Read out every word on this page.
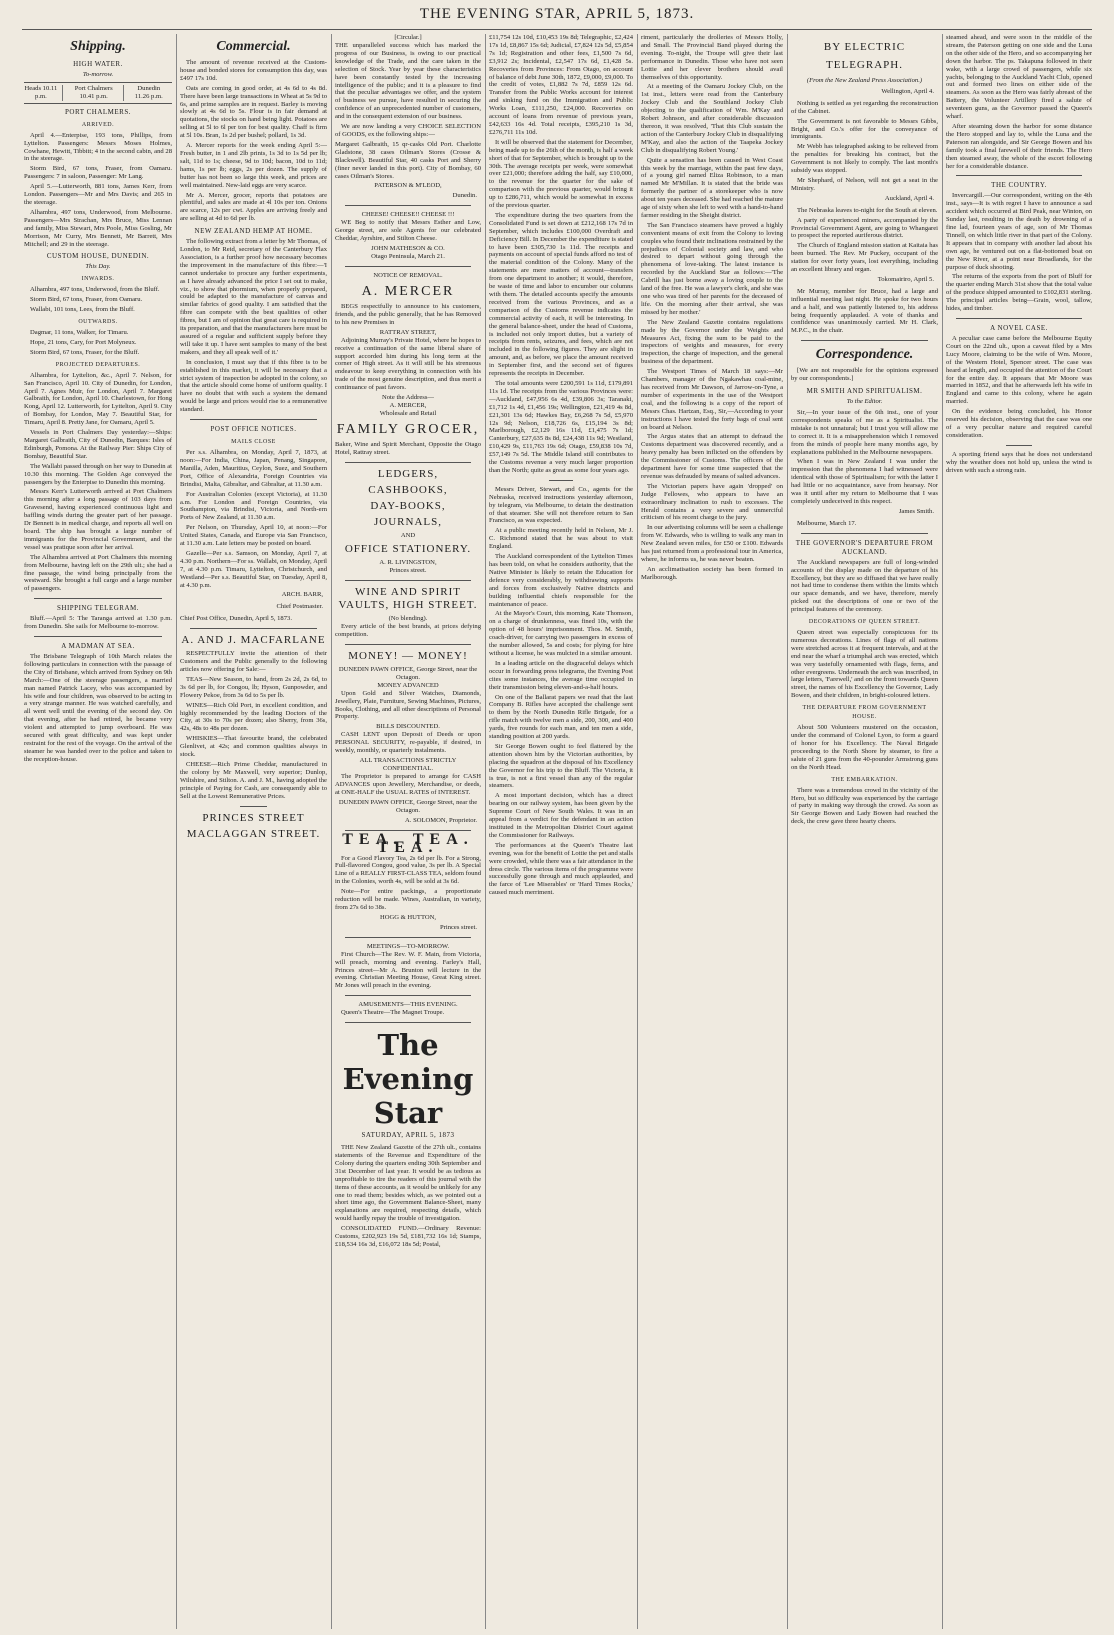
THE EVENING STAR, APRIL 5, 1873.
Shipping.
HIGH WATER.
To-morrow.
Heads 10.11 p.m.
Port Chalmers 10.41 p.m.
Dunedin 11.26 p.m.
PORT CHALMERS.
ARRIVED.

April 4.—Enterpise, 193 tons, Phillips, from Lyttelton. Passengers: Messrs Moses Holmes, Cowhane, Hewitt, Tibbitt; 4 in the second cabin, and 28 in the steerage.

Storm Bird, 67 tons, Fraser, from Oamaru. Passengers: 7 in saloon, Passenger: Mr Lang.

April 5.—Lutterworth, 881 tons, James Kerr, from London. Passengers—Mr and Mrs Davis; and 265 in the steerage.

Alhambra, 497 tons, Underwood, from Melbourne. Passengers—Mrs Strachan, Mrs Bruce, Miss Lennan and family, Miss Stewart, Mrs Poole, Miss Gosling, Mr Morrison, Mr Curry, Mrs Bennett, Mr Barrett, Mrs Mitchell; and 29 in the steerage.

CUSTOM HOUSE, DUNEDIN.
This Day.
INWARDS.

Alhambra, 497 tons, Underwood, from the Bluff.

Storm Bird, 67 tons, Fraser, from Oamaru.

Wallabi, 101 tons, Lees, from the Bluff.

OUTWARDS.

Dagmar, 11 tons, Walker, for Timaru.

Hope, 21 tons, Cary, for Port Molyneux.

Storm Bird, 67 tons, Fraser, for the Bluff.

PROJECTED DEPARTURES.

Alhambra, for Lyttelton, &c., April 7. Nelson, for San Francisco, April 10. City of Dunedin, for London, April 7. Agnes Muir, for London, April 7. Margaret Galbraith, for London, April 10. Charlestown, for Hong Kong, April 12. Lutterworth, for Lyttelton, April 9. City of Bombay, for London, May 7. Beautiful Star, for Timaru, April 8. Pretty Jane, for Oamaru, April 5.

Vessels in Port Chalmers Day yesterday:—Ships: Margaret Galbraith, City of Dunedin, Barques: Isles of Edinburgh, Pomona. At the Railway Pier: Ships City of Bombay, Beautiful Star.

The Wallabi passed through on her way to Dunedin at 10.30 this morning. The Golden Age conveyed the passengers by the Enterpise to Dunedin this morning.

Messrs Kerr's Lutterworth arrived at Port Chalmers this morning after a long passage of 103 days from Gravesend, having experienced continuous light and baffling winds during the greater part of her passage. Dr Bennett is in medical charge, and reports all well on board. The ship has brought a large number of immigrants for the Provincial Government, and the vessel was pratique soon after her arrival.

The Alhambra arrived at Port Chalmers this morning from Melbourne, having left on the 29th ult.; she had a fine passage, the wind being principally from the westward. She brought a full cargo and a large number of passengers.

SHIPPING TELEGRAM.

Bluff.—April 5: The Taranga arrived at 1.30 p.m. from Dunedin. She sails for Melbourne to-morrow.

A MADMAN AT SEA.

The Brisbane Telegraph of 10th March relates the following particulars in connection with the passage of the City of Brisbane, which arrived from Sydney on 9th March:—One of the steerage passengers, a married man named Patrick Lacey, who was accompanied by his wife and four children, was observed to be acting in a very strange manner. He was watched carefully, and all went well until the evening of the second day. On that evening, after he had retired, he became very violent and attempted to jump overboard. He was secured with great difficulty, and was kept under restraint for the rest of the voyage. On the arrival of the steamer he was handed over to the police and taken to the reception-house.

Commercial.

The amount of revenue received at the Custom-house and bonded stores for consumption this day, was £497 17s 10d.

Oats are coming in good order, at 4s 6d to 4s 8d. There have been large transactions in Wheat at 5s 9d to 6s, and prime samples are in request. Barley is moving slowly at 4s 6d to 5s. Flour is in fair demand at quotations, the stocks on hand being light. Potatoes are selling at 5l to 6l per ton for best quality. Chaff is firm at 5l 10s. Bran, 1s 2d per bushel; pollard, 1s 3d.

A. Mercer reports for the week ending April 5:—Fresh butter, in 1 and 2lb prints, 1s 3d to 1s 5d per lb; salt, 11d to 1s; cheese, 9d to 10d; bacon, 10d to 11d; hams, 1s per lb; eggs, 2s per dozen. The supply of butter has not been so large this week, and prices are well maintained. New-laid eggs are very scarce.

Mr A. Mercer, grocer, reports that potatoes are plentiful, and sales are made at 4l 10s per ton. Onions are scarce, 12s per cwt. Apples are arriving freely and are selling at 4d to 6d per lb.

NEW ZEALAND HEMP AT HOME.

The following extract from a letter by Mr Thomas, of London, to Mr Reid, secretary of the Canterbury Flax Association, is a further proof how necessary becomes the improvement in the manufacture of this fibre:—'I cannot undertake to procure any further experiments, as I have already advanced the price I set out to make, viz., to show that phormium, when properly prepared, could be adapted to the manufacture of canvas and similar fabrics of good quality. I am satisfied that the fibre can compete with the best qualities of other fibres, but I am of opinion that great care is required in its preparation, and that the manufacturers here must be assured of a regular and sufficient supply before they will take it up. I have sent samples to many of the best makers, and they all speak well of it.'

In conclusion, I must say that if this fibre is to be established in this market, it will be necessary that a strict system of inspection be adopted in the colony, so that the article should come home of uniform quality. I have no doubt that with such a system the demand would be large and prices would rise to a remunerative standard.

POST OFFICE NOTICES.
MAILS CLOSE

Per s.s. Alhambra, on Monday, April 7, 1873, at noon:—For India, China, Japan, Penang, Singapore, Manilla, Aden, Mauritius, Ceylon, Suez, and Southern Port, Office of Alexandria, Foreign Countries via Brindisi, Malta, Gibraltar, and Gibraltar, at 11.30 a.m.

For Australian Colonies (except Victoria), at 11.30 a.m. For London and Foreign Countries, via Southampton, via Brindisi, Victoria, and North-ern Ports of New Zealand, at 11.30 a.m.

Per Nelson, on Thursday, April 10, at noon:—For United States, Canada, and Europe via San Francisco, at 11.30 a.m. Late letters may be posted on board.

Gazelle—Per s.s. Samson, on Monday, April 7, at 4.30 p.m. Northern—For ss. Wallabi, on Monday, April 7, at 4.30 p.m. Timaru, Lyttelton, Christchurch, and Westland—Per s.s. Beautiful Star, on Tuesday, April 8, at 4.30 p.m.

ARCH. BARR,
Chief Postmaster.

Chief Post Office, Dunedin, April 5, 1873.

A. AND J. MACFARLANE

RESPECTFULLY invite the attention of their Customers and the Public generally to the following articles now offering for Sale:—

TEAS—New Season, to hand, from 2s 2d, 2s 6d, to 3s 6d per lb, for Congou, lb; Hyson, Gunpowder, and Flowery Pekoe, from 3s 6d to 5s per lb.

WINES—Rich Old Port, in excellent condition, and highly recommended by the leading Doctors of the City, at 30s to 70s per dozen; also Sherry, from 36s, 42s, 48s to 48s per dozen.

WHISKIES—That favourite brand, the celebrated Glenlivet, at 42s; and common qualities always in stock.

CHEESE—Rich Prime Cheddar, manufactured in the colony by Mr Maxwell, very superior; Dunlop, Wiltshire, and Stilton. A. and J. M., having adopted the principle of Paying for Cash, are consequently able to Sell at the Lowest Remunerative Prices.

PRINCES STREET
MACLAGGAN STREET.
[Circular.]

THE unparalleled success which has marked the progress of our Business, is owing to our practical knowledge of the Trade, and the care taken in the selection of Stock. Year by year these characteristics have been constantly tested by the increasing intelligence of the public; and it is a pleasure to find that the peculiar advantages we offer, and the system of business we pursue, have resulted in securing the confidence of an unprecedented number of customers, and in the consequent extension of our business.

We are now landing a very CHOICE SELECTION of GOODS, ex the following ships:—

Margaret Galbraith, 15 qr-casks Old Port. Charlotte Gladstone, 38 cases Oilman's Stores (Crosse & Blackwell). Beautiful Star, 40 casks Port and Sherry (finer never landed in this port). City of Bombay, 60 cases Oilman's Stores.

PATERSON & M'LEOD,
Dunedin.
CHEESE! CHEESE!! CHEESE !!!

WE Beg to notify that Messrs Esther and Low, George street, are sole Agents for our celebrated Cheddar, Ayrshire, and Stilton Cheese.

JOHN MATHESON & CO.
Otago Peninsula, March 21.
NOTICE OF REMOVAL.
A. MERCER

BEGS respectfully to announce to his customers, friends, and the public generally, that he has Removed to his new Premises in

RATTRAY STREET,

Adjoining Murray's Private Hotel, where he hopes to receive a continuation of the same liberal share of support accorded him during his long term at the corner of High street. As it will still be his strenuous endeavour to keep everything in connection with his trade of the most genuine description, and thus merit a continuance of past favors.

Note the Address—
A. MERCER,
Wholesale and Retail
FAMILY GROCER,

Baker, Wine and Spirit Merchant, Opposite the Otago Hotel, Rattray street.

LEDGERS,
CASHBOOKS,
DAY-BOOKS,
JOURNALS,
AND
OFFICE STATIONERY.
A. R. LIVINGSTON,
Princes street.
WINE AND SPIRIT VAULTS, HIGH STREET.
(No blending).

Every article of the best brands, at prices defying competition.

MONEY! — MONEY!
DUNEDIN PAWN OFFICE, George Street, near the Octagon.
MONEY ADVANCED

Upon Gold and Silver Watches, Diamonds, Jewellery, Plate, Furniture, Sewing Machines, Pictures, Books, Clothing, and all other descriptions of Personal Property.

BILLS DISCOUNTED.

CASH LENT upon Deposit of Deeds or upon PERSONAL SECURITY, re-payable, if desired, in weekly, monthly, or quarterly instalments.

ALL TRANSACTIONS STRICTLY CONFIDENTIAL.

The Proprietor is prepared to arrange for CASH ADVANCES upon Jewellery, Merchandise, or deeds, at ONE-HALF the USUAL RATES of INTEREST.

DUNEDIN PAWN OFFICE, George Street, near the Octagon.
A. SOLOMON, Proprietor.
TEA. TEA. TEA.

For a Good Flavory Tea, 2s 6d per lb. For a Strong, Full-flavored Congou, good value, 3s per lb. A Special Line of a REALLY FIRST-CLASS TEA, seldom found in the Colonies, worth 4s, will be sold at 3s 6d.

Note—For entire packings, a proportionate reduction will be made. Wines, Australian, in variety, from 27s 6d to 38s.

HOGG & HUTTON,
Princes street.
MEETINGS—TO-MORROW.

First Church—The Rev. W. F. Main, from Victoria, will preach, morning and evening. Farley's Hall, Princes street—Mr A. Brunton will lecture in the evening. Christian Meeting House, Great King street. Mr Jones will preach in the evening.

AMUSEMENTS—THIS EVENING.

Queen's Theatre—The Magnet Troupe.

The Evening Star
SATURDAY, APRIL 5, 1873

THE New Zealand Gazette of the 27th ult., contains statements of the Revenue and Expenditure of the Colony during the quarters ending 30th September and 31st December of last year. It would be as tedious as unprofitable to tire the readers of this journal with the items of these accounts, as it would be unlikely for any one to read them; besides which, as we pointed out a short time ago, the Government Balance-Sheet, many explanations are required, respecting details, which would hardly repay the trouble of investigation.

CONSOLIDATED FUND.—Ordinary Revenue: Customs, £202,923 19s 5d, £181,732 16s 1d; Stamps, £18,534 16s 3d, £16,072 18s 5d; Postal,

£11,754 12s 10d, £10,453 19s 8d; Telegraphic, £2,424 17s 1d, £8,867 15s 6d; Judicial, £7,824 12s 5d, £5,854 7s 1d; Registration and other fees, £1,500 7s 6d, £3,912 2s; Incidental, £2,547 17s 6d, £1,428 5s. Recoveries from Provinces: From Otago, on account of balance of debt June 30th, 1872, £9,000, £9,000. To the credit of votes, £1,882 7s 7d, £859 12s 6d. Transfer from the Public Works account for interest and sinking fund on the Immigration and Public Works Loan, £111,250, £24,000. Recoveries on account of loans from revenue of previous years, £42,633 16s 4d. Total receipts, £395,210 1s 3d, £276,711 11s 10d.

It will be observed that the statement for December, being made up to the 26th of the month, is half a week short of that for September, which is brought up to the 30th. The average receipts per week, were somewhat over £21,000; therefore adding the half, say £10,000, to the revenue for the quarter for the sake of comparison with the previous quarter, would bring it up to £286,711, which would be somewhat in excess of the previous quarter.

The expenditure during the two quarters from the Consolidated Fund is set down at £212,168 17s 7d in September, which includes £100,000 Overdraft and Deficiency Bill. In December the expenditure is stated to have been £305,730 1s 11d. The receipts and payments on account of special funds afford no test of the material condition of the Colony. Many of the statements are mere matters of account—transfers from one department to another; it would, therefore, be waste of time and labor to encumber our columns with them. The detailed accounts specify the amounts received from the various Provinces, and as a comparison of the Customs revenue indicates the commercial activity of each, it will be interesting. In the general balance-sheet, under the head of Customs, is included not only import duties, but a variety of receipts from rents, seizures, and fees, which are not included in the following figures. They are slight in amount, and, as before, we place the amount received in September first, and the second set of figures represents the receipts in December.

The total amounts were £200,591 1s 11d, £179,891 11s 1d. The receipts from the various Provinces were:—Auckland, £47,956 6s 4d, £39,806 3s; Taranaki, £1,712 1s 4d, £1,456 19s; Wellington, £21,419 4s 8d, £21,301 13s 6d; Hawkes Bay, £6,268 7s 5d, £5,970 12s 9d; Nelson, £18,726 6s, £15,194 3s 8d; Marlborough, £2,129 16s 11d, £1,475 7s 1d; Canterbury, £27,635 8s 8d, £24,438 11s 9d; Westland, £10,429 9s, £11,763 19s 6d; Otago, £59,838 10s 7d, £57,149 7s 5d. The Middle Island still contributes to the Customs revenue a very much larger proportion than the North; quite as great as some four years ago.

Messrs Driver, Stewart, and Co., agents for the Nebraska, received instructions yesterday afternoon, by telegram, via Melbourne, to detain the destination of that steamer. She will not therefore return to San Francisco, as was expected.

At a public meeting recently held in Nelson, Mr J. C. Richmond stated that he was about to visit England.

The Auckland correspondent of the Lyttelton Times has been told, on what he considers authority, that the Native Minister is likely to retain the Education for defence very considerably, by withdrawing supports and forces from exclusively Native districts and building influential chiefs responsible for the maintenance of peace.

At the Mayor's Court, this morning, Kate Thomson, on a charge of drunkenness, was fined 10s, with the option of 48 hours' imprisonment. Thos. M. Smith, coach-driver, for carrying two passengers in excess of the number allowed, 5s and costs; for plying for hire without a license, he was mulcted in a similar amount.

In a leading article on the disgraceful delays which occur in forwarding press telegrams, the Evening Post cites some instances, the average time occupied in their transmission being eleven-and-a-half hours.

On one of the Ballarat papers we read that the last Company B. Rifles have accepted the challenge sent to them by the North Dunedin Rifle Brigade, for a rifle match with twelve men a side, 200, 300, and 400 yards, five rounds for each man, and ten men a side, standing position at 200 yards.

Sir George Bowen ought to feel flattered by the attention shown him by the Victorian authorities, by placing the squadron at the disposal of his Excellency the Governor for his trip to the Bluff. The Victoria, it is true, is not a first vessel than any of the regular steamers.

A most important decision, which has a direct bearing on our railway system, has been given by the Supreme Court of New South Wales. It was in an appeal from a verdict for the defendant in an action instituted in the Metropolitan District Court against the Commissioner for Railways.

The performances at the Queen's Theatre last evening, was for the benefit of Lottie the pet and stalls were crowded, while there was a fair attendance in the dress circle. The various items of the programme were successfully gone through and much applauded, and the farce of 'Lee Miserables' or 'Hard Times Rocks,' caused much merriment.

riment, particularly the drolleries of Messrs Holly, and Small. The Provincial Band played during the evening. To-night, the Troupe will give their last performance in Dunedin. Those who have not seen Lottie and her clever brothers should avail themselves of this opportunity.

At a meeting of the Oamaru Jockey Club, on the 1st inst., letters were read from the Canterbury Jockey Club and the Southland Jockey Club objecting to the qualification of Wm. M'Kay and Robert Johnson, and after considerable discussion thereon, it was resolved, 'That this Club sustain the action of the Canterbury Jockey Club in disqualifying M'Kay, and also the action of the Taapeka Jockey Club in disqualifying Robert Young.'

Quite a sensation has been caused in West Coast this week by the marriage, within the past few days, of a young girl named Eliza Robinson, to a man named Mr M'Millan. It is stated that the bride was formerly the partner of a storekeeper who is now about ten years deceased. She had reached the mature age of sixty when she left to wed with a hand-to-hand farmer residing in the Sheight district.

The San Francisco steamers have proved a highly convenient means of exit from the Colony to loving couples who found their inclinations restrained by the prejudices of Colonial society and law, and who desired to depart without going through the phenomena of love-taking. The latest instance is recorded by the Auckland Star as follows:—'The Cabrill has just borne away a loving couple to the land of the free. He was a lawyer's clerk, and she was one who was tired of her parents for the deceased of life. On the morning after their arrival, she was missed by her mother.'

The New Zealand Gazette contains regulations made by the Governor under the Weights and Measures Act, fixing the sum to be paid to the inspectors of weights and measures, for every inspection, the charge of inspection, and the general business of the department.

The Westport Times of March 18 says:—Mr Chambers, manager of the Ngakawhau coal-mine, has received from Mr Dawson, of Jarrow-on-Tyne, a number of experiments in the use of the Westport coal, and the following is a copy of the report of Messrs Chas. Hartzan, Esq., Sir,—According to your instructions I have tested the forty bags of coal sent on board at Nelson.

The Argus states that an attempt to defraud the Customs department was discovered recently, and a heavy penalty has been inflicted on the offenders by the Commissioner of Customs. The officers of the department have for some time suspected that the revenue was defrauded by means of salted advances.

The Victorian papers have again 'dropped' on Judge Fellowes, who appears to have an extraordinary inclination to rush to excesses. The Herald contains a very severe and unmerciful criticism of his recent charge to the jury.

In our advertising columns will be seen a challenge from W. Edwards, who is willing to walk any man in New Zealand seven miles, for £50 or £100. Edwards has just returned from a professional tour in America, where, he informs us, he was never beaten.

An acclimatisation society has been formed in Marlborough.

BY ELECTRIC TELEGRAPH.
(From the New Zealand Press Association.)
Wellington, April 4.

Nothing is settled as yet regarding the reconstruction of the Cabinet.

The Government is not favorable to Messrs Gibbs, Bright, and Co.'s offer for the conveyance of immigrants.

Mr Webb has telegraphed asking to be relieved from the penalties for breaking his contract, but the Government is not likely to comply. The last month's subsidy was stopped.

Mr Shephard, of Nelson, will not get a seat in the Ministry.

Auckland, April 4.

The Nebraska leaves to-night for the South at eleven.

A party of experienced miners, accompanied by the Provincial Government Agent, are going to Whangarei to prospect the reported auriferous district.

The Church of England mission station at Kaitaia has been burned. The Rev. Mr Puckey, occupant of the station for over forty years, lost everything, including an excellent library and organ.

Tokomairiro, April 5.

Mr Murray, member for Bruce, had a large and influential meeting last night. He spoke for two hours and a half, and was patiently listened to, his address being frequently applauded. A vote of thanks and confidence was unanimously carried. Mr H. Clark, M.P.C., in the chair.

Correspondence.

[We are not responsible for the opinions expressed by our correspondents.]

MR SMITH AND SPIRITUALISM.
To the Editor.

Sir,—In your issue of the 6th inst., one of your correspondents speaks of me as a Spiritualist. The mistake is not unnatural; but I trust you will allow me to correct it. It is a misapprehension which I removed from the minds of people here many months ago, by explanations published in the Melbourne newspapers.

When I was in New Zealand I was under the impression that the phenomena I had witnessed were identical with those of Spiritualism; for with the latter I had little or no acquaintance, save from hearsay. Nor was it until after my return to Melbourne that I was completely undeceived in this respect.

James Smith.

Melbourne, March 17.

THE GOVERNOR'S DEPARTURE FROM AUCKLAND.

The Auckland newspapers are full of long-winded accounts of the display made on the departure of his Excellency, but they are so diffused that we have really not had time to condense them within the limits which our space demands, and we have, therefore, merely picked out the descriptions of one or two of the principal features of the ceremony.

DECORATIONS OF QUEEN STREET.

Queen street was especially conspicuous for its numerous decorations. Lines of flags of all nations were stretched across it at frequent intervals, and at the end near the wharf a triumphal arch was erected, which was very tastefully ornamented with flags, ferns, and other evergreens. Underneath the arch was inscribed, in large letters, 'Farewell,' and on the front towards Queen street, the names of his Excellency the Governor, Lady Bowen, and their children, in bright-coloured letters.

THE DEPARTURE FROM GOVERNMENT HOUSE.

About 500 Volunteers mustered on the occasion, under the command of Colonel Lyon, to form a guard of honor for his Excellency. The Naval Brigade proceeding to the North Shore by steamer, to fire a salute of 21 guns from the 40-pounder Armstrong guns on the North Head.

THE EMBARKATION.

There was a tremendous crowd in the vicinity of the Hero, but so difficulty was experienced by the carriage of party in making way through the crowd. As soon as Sir George Bowen and Lady Bowen had reached the deck, the crew gave three hearty cheers.

steamed ahead, and were soon in the middle of the stream, the Paterson getting on one side and the Luna on the other side of the Hero, and so accompanying her down the harbor. The ps. Takapuna followed in their wake, with a large crowd of passengers, while six yachts, belonging to the Auckland Yacht Club, opened out and formed two lines on either side of the steamers. As soon as the Hero was fairly abreast of the Battery, the Volunteer Artillery fired a salute of seventeen guns, as the Governor passed the Queen's wharf.

After steaming down the harbor for some distance the Hero stopped and lay to, while the Luna and the Paterson ran alongside, and Sir George Bowen and his family took a final farewell of their friends. The Hero then steamed away, the whole of the escort following her for a considerable distance.

THE COUNTRY.

Invercargill.—Our correspondent, writing on the 4th inst., says—It is with regret I have to announce a sad accident which occurred at Bird Peak, near Winton, on Sunday last, resulting in the death by drowning of a fine lad, fourteen years of age, son of Mr Thomas Tinnell, on which little river in that part of the Colony. It appears that in company with another lad about his own age, he ventured out on a flat-bottomed boat on the New River, at a point near Broadlands, for the purpose of duck shooting.

The returns of the exports from the port of Bluff for the quarter ending March 31st show that the total value of the produce shipped amounted to £102,831 sterling. The principal articles being—Grain, wool, tallow, hides, and timber.

A NOVEL CASE.

A peculiar case came before the Melbourne Equity Court on the 22nd ult., upon a caveat filed by a Mrs Lucy Moore, claiming to be the wife of Wm. Moore, of the Western Hotel, Spencer street. The case was heard at length, and occupied the attention of the Court for the entire day. It appears that Mr Moore was married in 1852, and that he afterwards left his wife in England and came to this colony, where he again married.

On the evidence being concluded, his Honor reserved his decision, observing that the case was one of a very peculiar nature and required careful consideration.

A sporting friend says that he does not understand why the weather does not hold up, unless the wind is driven with such a strong rain.
